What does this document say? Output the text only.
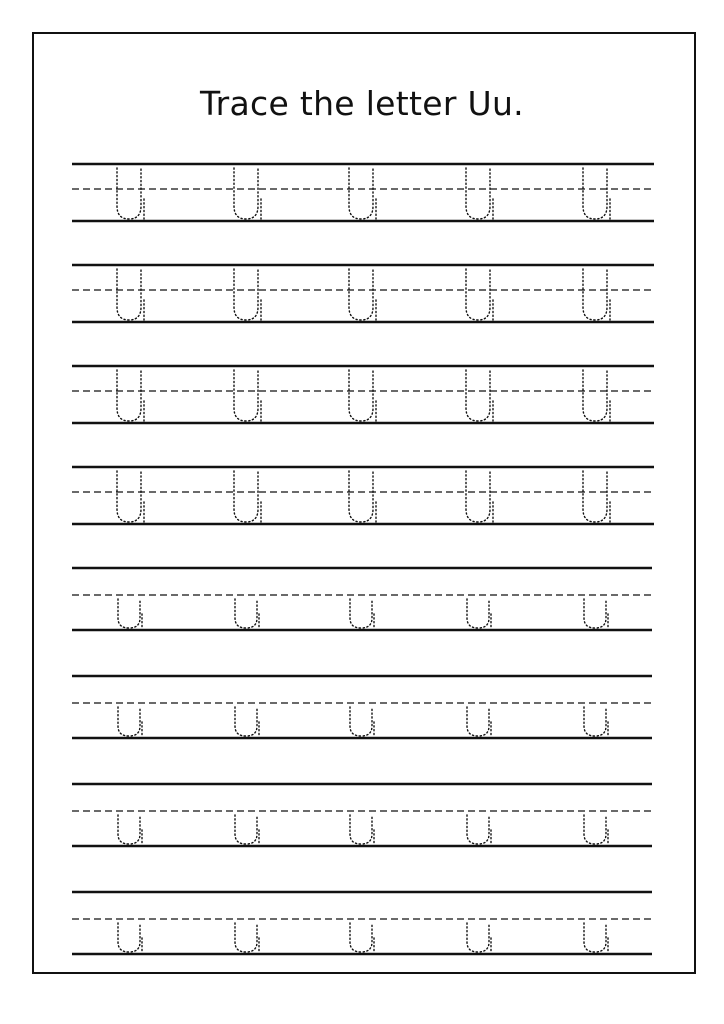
Trace the letter Uu.
